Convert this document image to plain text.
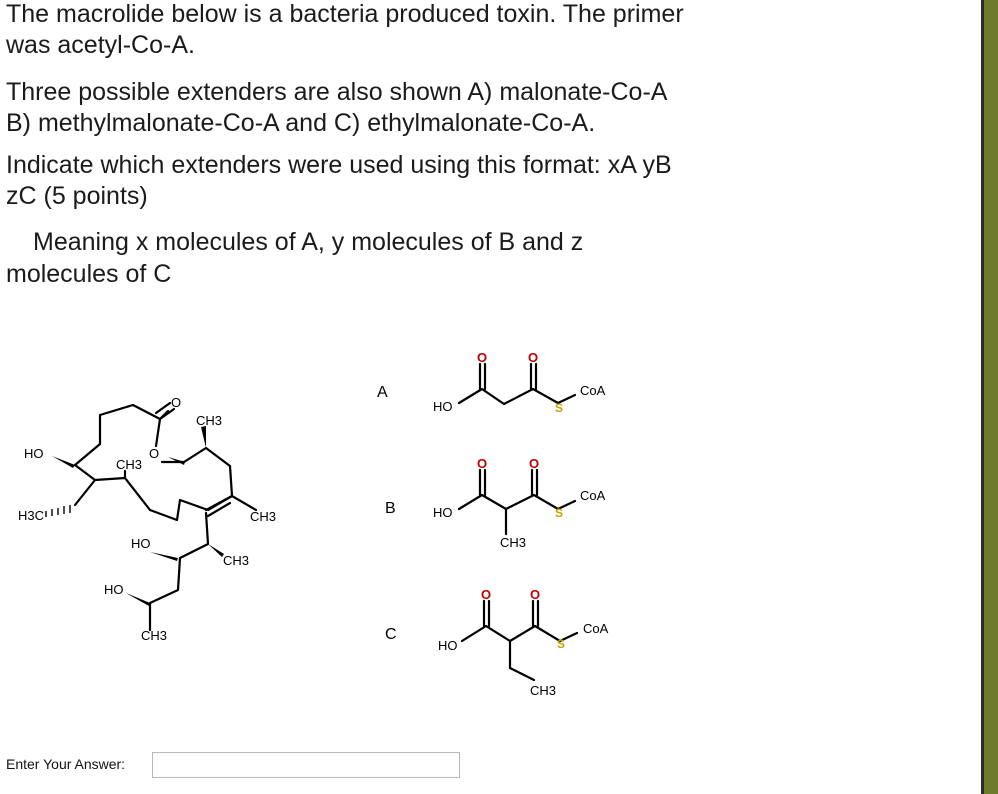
The macrolide below is a bacteria produced toxin. The primer

was acetyl-Co-A.

Three possible extenders are also shown A) malonate-Co-A

B) methylmalonate-Co-A and C) ethylmalonate-Co-A.

Indicate which extenders were used using this format: xA yB

zC (5 points)

Meaning x molecules of A, y molecules of B and z

molecules of C

HO
H3C
CH3
O
O
CH3
CH3
CH3
HO
HO
CH3
A
HO
O	O
S
CoA
B	HO
O	O
S
CoA
CH3
C
HO
O	O
S
CoA
CH3
Enter Your Answer:
